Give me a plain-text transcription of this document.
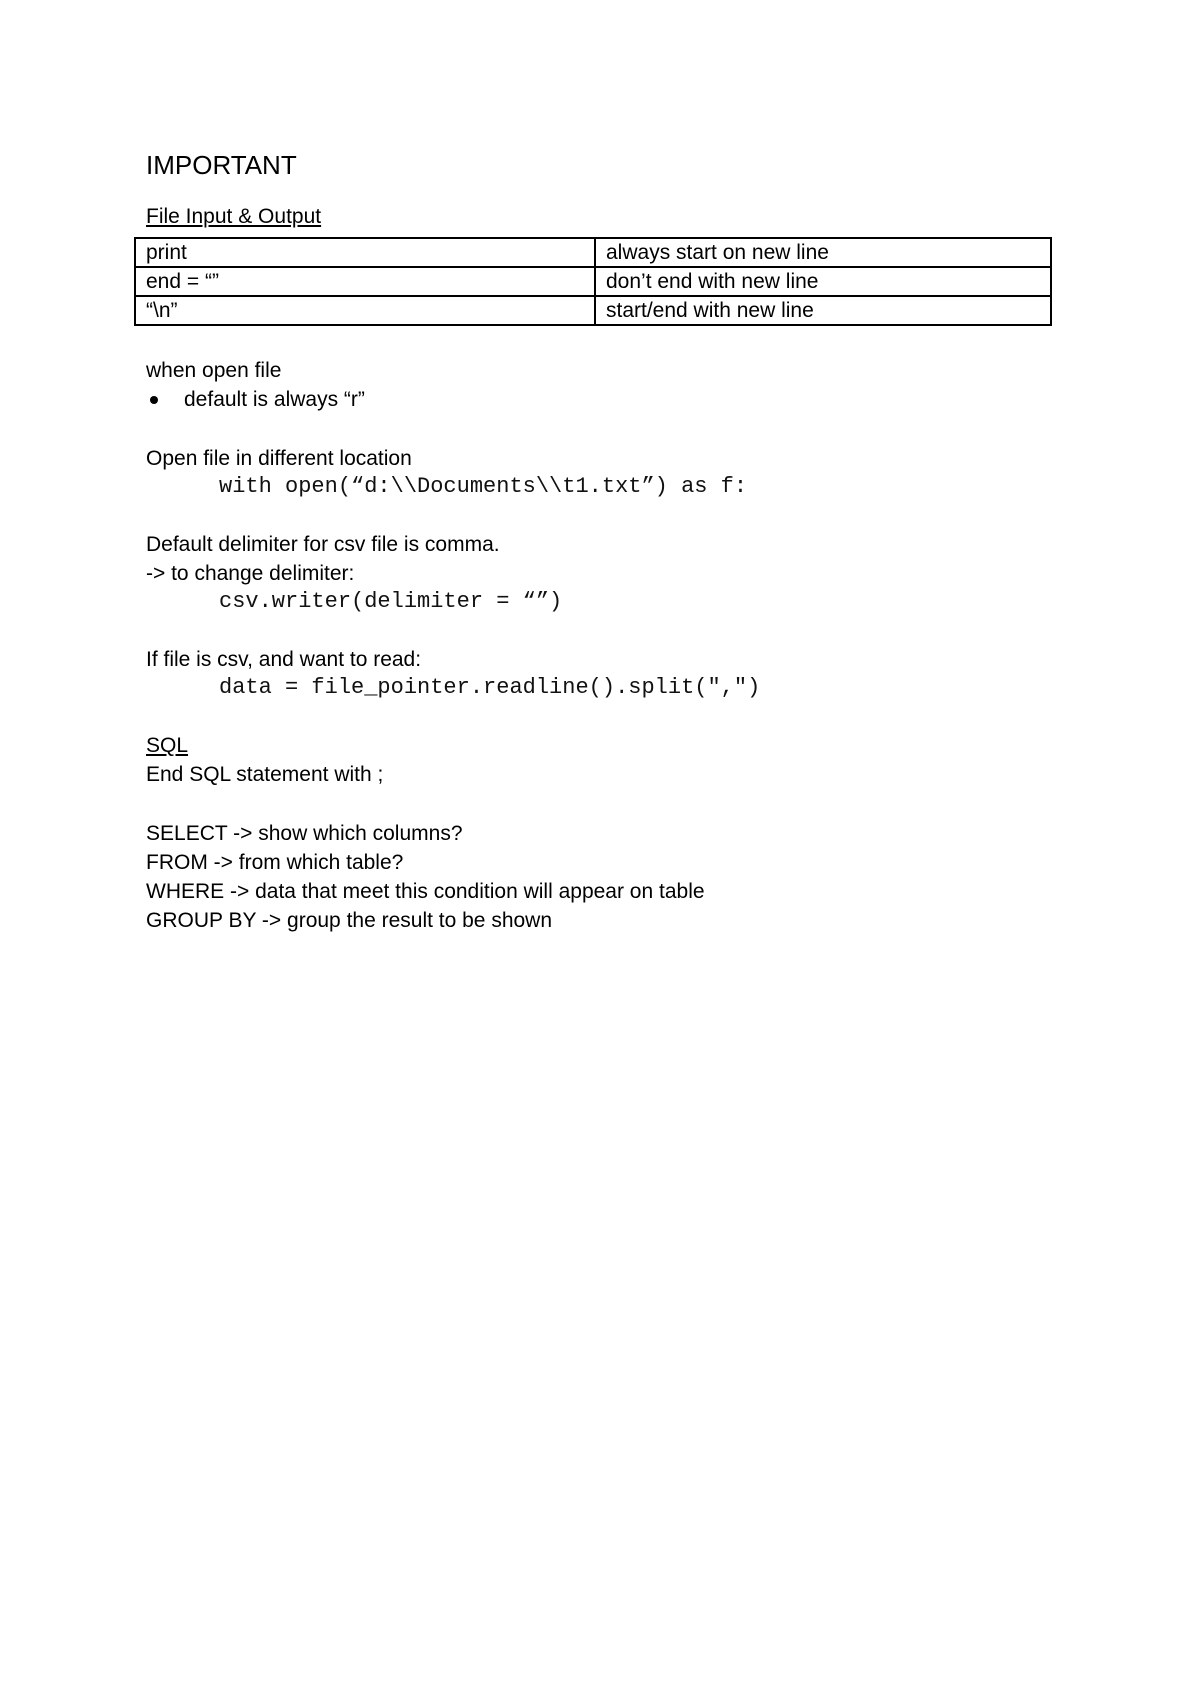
IMPORTANT
File Input & Output
print	always start on new line
end = “”	don’t end with new line
“\n”	start/end with new line

when open file

default is always “r”

Open file in different location

with open(“d:\\Documents\\t1.txt”) as f:

Default delimiter for csv file is comma.

-> to change delimiter:

csv.writer(delimiter = “”)

If file is csv, and want to read:

data = file_pointer.readline().split(",")

SQL

End SQL statement with ;

SELECT -> show which columns?

FROM -> from which table?

WHERE -> data that meet this condition will appear on table

GROUP BY -> group the result to be shown
